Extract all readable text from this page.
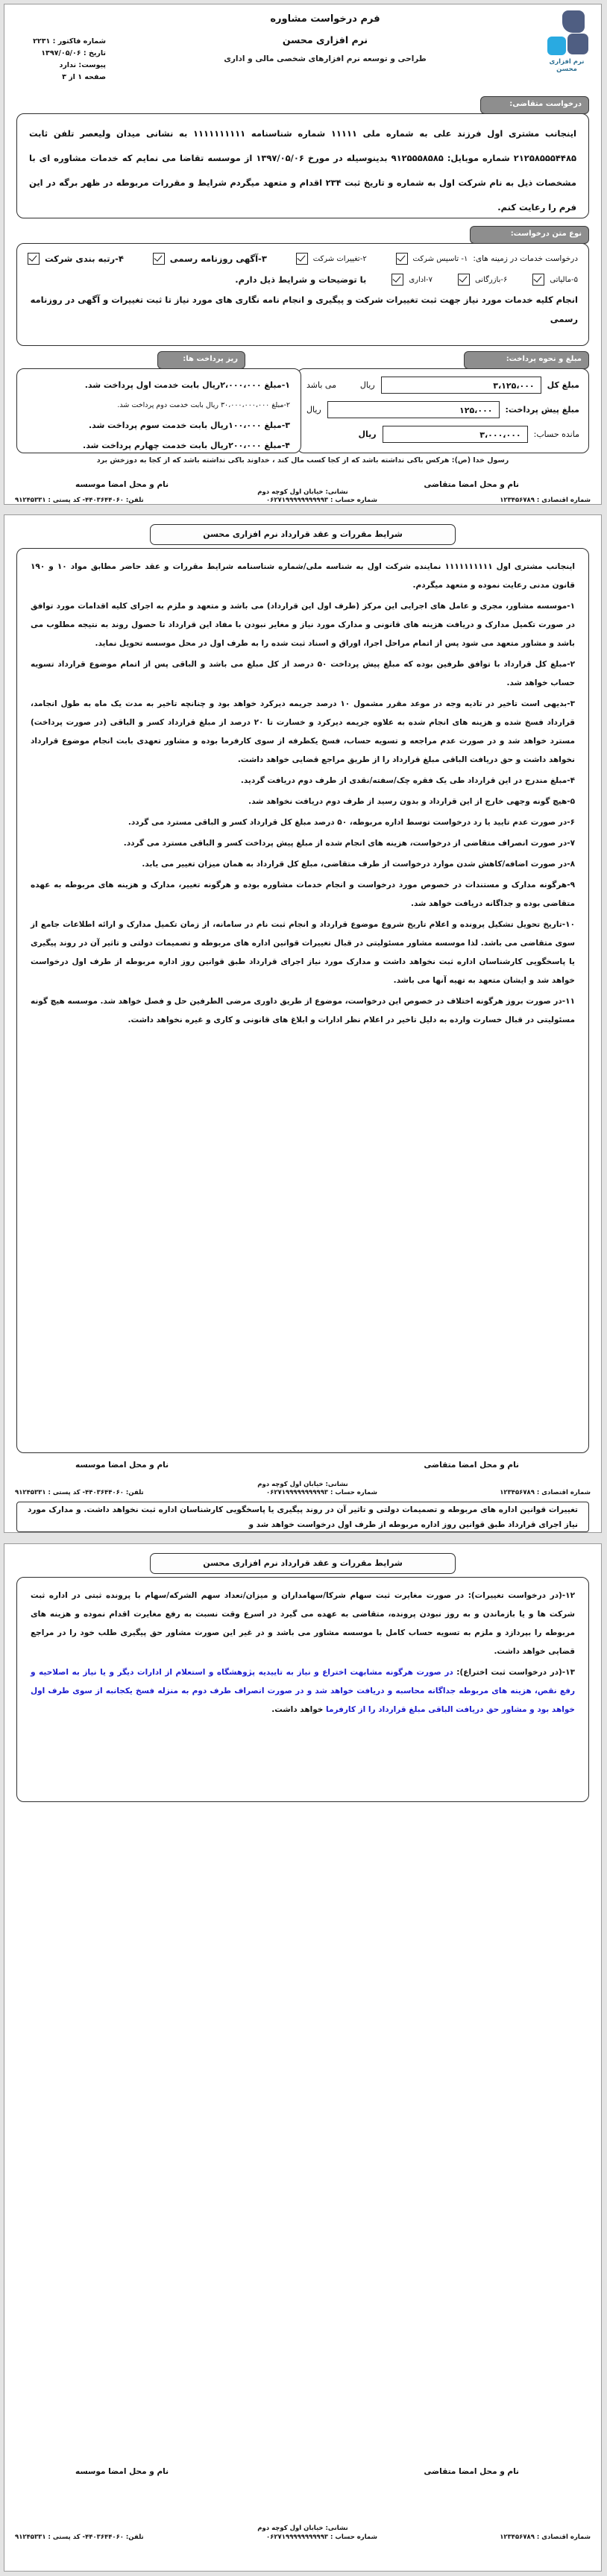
نرم افزاری محسن
فرم درخواست مشاوره
نرم افزاری محسن
طراحی و توسعه نرم افزارهای شخصی مالی و اداری
شماره فاکتور : ۲۲۳۱
تاریخ : ۱۳۹۷/۰۵/۰۶
پیوست: ندارد
صفحه ۱ از ۳
درخواست متقاضی:
اینجانب مشتری اول فرزند علی به شماره ملی ۱۱۱۱۱ شماره شناسنامه ۱۱۱۱۱۱۱۱۱۱ به نشانی میدان ولیعصر تلفن ثابت ۲۱۲۵۸۵۵۵۴۴۸۵ شماره موبایل: ۹۱۲۵۵۵۸۵۸۵ بدینوسیله در مورخ ۱۳۹۷/۰۵/۰۶ از موسسه تقاضا می نمایم که خدمات مشاوره ای با مشخصات ذیل به نام شرکت اول به شماره و تاریخ ثبت ۲۳۴ اقدام و متعهد میگردم شرایط و مقررات مربوطه در ظهر برگه در این فرم را رعایت کنم.
نوع متن درخواست:
درخواست خدمات در زمینه های:
۱- تاسیس شرکت
۲-تغییرات شرکت
۳-آگهی روزنامه رسمی
۴-رتبه بندی شرکت
۵-مالیاتی
۶-بازرگانی
۷-اداری
با توضیحات و شرایط ذیل دارم.
انجام کلیه خدمات مورد نیاز جهت ثبت تغییرات شرکت و پیگیری و انجام نامه نگاری های مورد نیاز تا ثبت تغییرات و آگهی در روزنامه رسمی
مبلغ و نحوه پرداخت:
مبلغ کل
۳،۱۲۵،۰۰۰
ریال
می باشد
مبلغ پیش پرداخت:
۱۲۵،۰۰۰
ریال
مانده حساب:
۳،۰۰۰،۰۰۰
ریال
ریز پرداخت ها:
۱-مبلغ ۲،۰۰۰،۰۰۰ریال بابت خدمت اول پرداخت شد.
۲-مبلغ ۳۰،۰۰۰،۰۰۰،۰۰۰ ریال بابت خدمت دوم پرداخت شد.
۳-مبلغ ۱۰۰،۰۰۰ریال بابت خدمت سوم پرداخت شد.
۴-مبلغ ۲۰۰،۰۰۰ریال بابت خدمت چهارم پرداخت شد.
رسول خدا (ص): هرکس باکی نداشته باشد که از کجا کسب مال کند ، خداوند باکی نداشته باشد که از کجا به دوزخش برد
نام و محل امضا متقاضی
نام و محل امضا موسسه
نشانی: خیابان اول کوچه دوم
شماره اقتصادی : ۱۲۳۴۵۶۷۸۹
شماره حساب : ۰۶۲۷۱۹۹۹۹۹۹۹۹۹۹۳
تلفن: ۴۴۰۳۶۴۴۰۶۰- کد پستی : ۹۱۲۴۵۳۳۱
شرایط مقررات و عقد قرارداد نرم افزاری محسن

اینجانب مشتری اول ۱۱۱۱۱۱۱۱۱۱ نماینده شرکت اول به شناسه ملی/شماره شناسنامه شرایط مقررات و عقد حاضر مطابق مواد ۱۰ و ۱۹۰ قانون مدنی رعایت نموده و متعهد میگردم.

۱-موسسه مشاور، مجری و عامل های اجرایی این مرکز (طرف اول این قرارداد) می باشد و متعهد و ملزم به اجرای کلیه اقدامات مورد توافق در صورت تکمیل مدارک و دریافت هزینه های قانونی و مدارک مورد نیاز و مغایر نبودن با مفاد این قرارداد تا حصول روند به نتیجه مطلوب می باشد و مشاور متعهد می شود پس از اتمام مراحل اجرا، اوراق و اسناد ثبت شده را به طرف اول در محل موسسه تحویل نماید.

۲-مبلغ کل قرارداد با توافق طرفین بوده که مبلغ پیش پرداخت ۵۰ درصد از کل مبلغ می باشد و الباقی پس از اتمام موضوع قرارداد تسویه حساب خواهد شد.

۳-بدیهی است تاخیر در تادیه وجه در موعد مقرر مشمول ۱۰ درصد جریمه دیرکرد خواهد بود و چنانچه تاخیر به مدت یک ماه به طول انجامد، قرارداد فسخ شده و هزینه های انجام شده به علاوه جریمه دیرکرد و خسارت تا ۲۰ درصد از مبلغ قرارداد کسر و الباقی (در صورت پرداخت) مسترد خواهد شد و در صورت عدم مراجعه و تسویه حساب، فسخ یکطرفه از سوی کارفرما بوده و مشاور تعهدی بابت انجام موضوع قرارداد نخواهد داشت و حق دریافت الباقی مبلغ قرارداد را از طریق مراجع قضایی خواهد داشت.

۴-مبلغ مندرج در این قرارداد طی یک فقره چک/سفته/نقدی از طرف دوم دریافت گردید.

۵-هیچ گونه وجهی خارج از این قرارداد و بدون رسید از طرف دوم دریافت نخواهد شد.

۶-در صورت عدم تایید یا رد درخواست توسط اداره مربوطه، ۵۰ درصد مبلغ کل قرارداد کسر و الباقی مسترد می گردد.

۷-در صورت انصراف متقاضی از درخواست، هزینه های انجام شده از مبلغ پیش پرداخت کسر و الباقی مسترد می گردد.

۸-در صورت اضافه/کاهش شدن موارد درخواست از طرف متقاضی، مبلغ کل قرارداد به همان میزان تغییر می یابد.

۹-هرگونه مدارک و مستندات در خصوص مورد درخواست و انجام خدمات مشاوره بوده و هرگونه تغییر، مدارک و هزینه های مربوطه به عهده متقاضی بوده و جداگانه دریافت خواهد شد.

۱۰-تاریخ تحویل تشکیل پرونده و اعلام تاریخ شروع موضوع قرارداد و انجام ثبت نام در سامانه، از زمان تکمیل مدارک و ارائه اطلاعات جامع از سوی متقاضی می باشد. لذا موسسه مشاور مسئولیتی در قبال تغییرات قوانین اداره های مربوطه و تصمیمات دولتی و تاثیر آن در روند پیگیری یا پاسخگویی کارشناسان اداره ثبت نخواهد داشت و مدارک مورد نیاز اجرای قرارداد طبق قوانین روز اداره مربوطه از طرف اول درخواست خواهد شد و ایشان متعهد به تهیه آنها می باشد.

۱۱-در صورت بروز هرگونه اختلاف در خصوص این درخواست، موضوع از طریق داوری مرضی الطرفین حل و فصل خواهد شد. موسسه هیچ گونه مسئولیتی در قبال خسارت وارده به دلیل تاخیر در اعلام نظر ادارات و ابلاغ های قانونی و کاری و غیره نخواهد داشت.

نام و محل امضا متقاضی
نام و محل امضا موسسه
نشانی: خیابان اول کوچه دوم
شماره اقتصادی : ۱۲۳۴۵۶۷۸۹
شماره حساب : ۰۶۲۷۱۹۹۹۹۹۹۹۹۹۹۳
تلفن: ۴۴۰۳۶۴۴۰۶۰- کد پستی : ۹۱۲۴۵۳۳۱
تغییرات قوانین اداره های مربوطه و تصمیمات دولتی و تاثیر آن در روند پیگیری یا پاسخگویی کارشناسان اداره ثبت نخواهد داشت. و مدارک مورد نیاز اجرای قرارداد طبق قوانین روز اداره مربوطه از طرف اول درخواست خواهد شد و
شرایط مقررات و عقد قرارداد نرم افزاری محسن

۱۲-(در درخواست تغییرات): در صورت مغایرت ثبت سهام شرکا/سهامداران و میزان/تعداد سهم الشرکه/سهام با پرونده ثبتی در اداره ثبت شرکت ها و یا بازماندن و به روز نبودن پرونده، متقاضی به عهده می گیرد در اسرع وقت نسبت به رفع مغایرت اقدام نموده و هزینه های مربوطه را بپردازد و ملزم به تسویه حساب کامل با موسسه مشاور می باشد و در غیر این صورت مشاور حق پیگیری طلب خود را در مراجع قضایی خواهد داشت.

۱۳-(در درخواست ثبت اختراع): در صورت هرگونه مشابهت اختراع و نیاز به تاییدیه پژوهشگاه و استعلام از ادارات دیگر و یا نیاز به اصلاحیه و رفع نقص، هزینه های مربوطه جداگانه محاسبه و دریافت خواهد شد و در صورت انصراف طرف دوم به منزله فسخ یکجانبه از سوی طرف اول خواهد بود و مشاور حق دریافت الباقی مبلغ قرارداد را از کارفرما خواهد داشت.

نام و محل امضا متقاضی
نام و محل امضا موسسه
نشانی: خیابان اول کوچه دوم
شماره اقتصادی : ۱۲۳۴۵۶۷۸۹
شماره حساب : ۰۶۲۷۱۹۹۹۹۹۹۹۹۹۹۳
تلفن: ۴۴۰۳۶۴۴۰۶۰- کد پستی : ۹۱۲۴۵۳۳۱
